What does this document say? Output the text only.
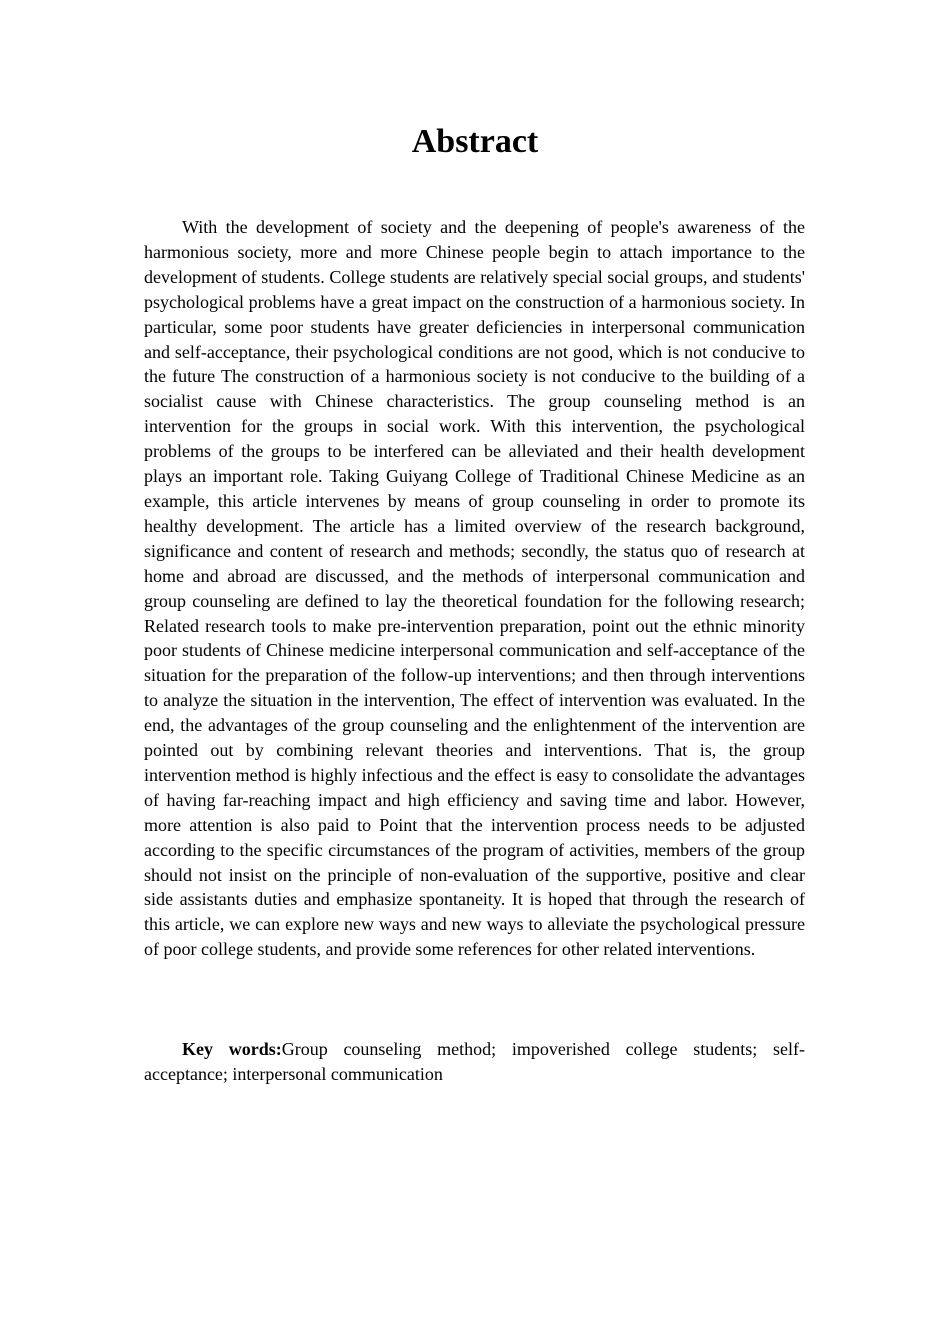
Abstract

With the development of society and the deepening of people's awareness of the harmonious society, more and more Chinese people begin to attach importance to the development of students. College students are relatively special social groups, and students' psychological problems have a great impact on the construction of a harmonious society. In particular, some poor students have greater deficiencies in interpersonal communication and self-acceptance, their psychological conditions are not good, which is not conducive to the future The construction of a harmonious society is not conducive to the building of a socialist cause with Chinese characteristics. The group counseling method is an intervention for the groups in social work. With this intervention, the psychological problems of the groups to be interfered can be alleviated and their health development plays an important role. Taking Guiyang College of Traditional Chinese Medicine as an example, this article intervenes by means of group counseling in order to promote its healthy development. The article has a limited overview of the research background, significance and content of research and methods; secondly, the status quo of research at home and abroad are discussed, and the methods of interpersonal communication and group counseling are defined to lay the theoretical foundation for the following research; Related research tools to make pre-intervention preparation, point out the ethnic minority poor students of Chinese medicine interpersonal communication and self-acceptance of the situation for the preparation of the follow-up interventions; and then through interventions to analyze the situation in the intervention, The effect of intervention was evaluated. In the end, the advantages of the group counseling and the enlightenment of the intervention are pointed out by combining relevant theories and interventions. That is, the group intervention method is highly infectious and the effect is easy to consolidate the advantages of having far-reaching impact and high efficiency and saving time and labor. However, more attention is also paid to Point that the intervention process needs to be adjusted according to the specific circumstances of the program of activities, members of the group should not insist on the principle of non-evaluation of the supportive, positive and clear side assistants duties and emphasize spontaneity. It is hoped that through the research of this article, we can explore new ways and new ways to alleviate the psychological pressure of poor college students, and provide some references for other related interventions.

Key words:Group counseling method; impoverished college students; self-acceptance; interpersonal communication
